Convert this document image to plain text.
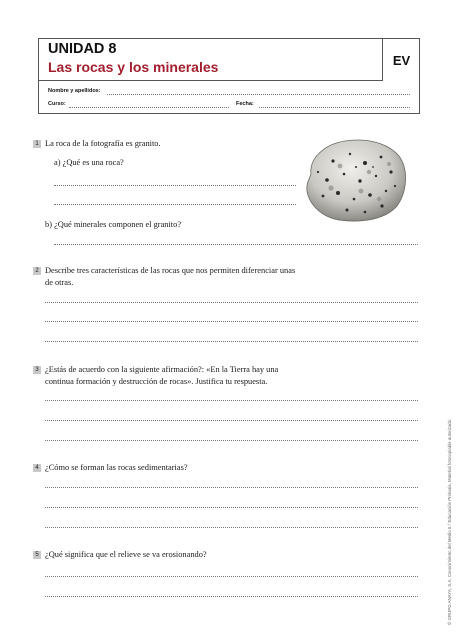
UNIDAD 8
Las rocas y los minerales	EV
Nombre y apellidos:
Curso:	Fecha:
1 La roca de la fotografía es granito.
a) ¿Qué es una roca?
b) ¿Qué minerales componen el granito?
2 Describe tres características de las rocas que nos permiten diferenciar unas
de otras.
3 ¿Estás de acuerdo con la siguiente afirmación?: «En la Tierra hay una
continua formación y destrucción de rocas». Justifica tu respuesta.
4 ¿Cómo se forman las rocas sedimentarias?
5 ¿Qué significa que el relieve se va erosionando?	© GRUPO ANAYA, S.A. Conocimiento del Medio 6.º Educación Primaria. Material fotocopiable autorizado.
